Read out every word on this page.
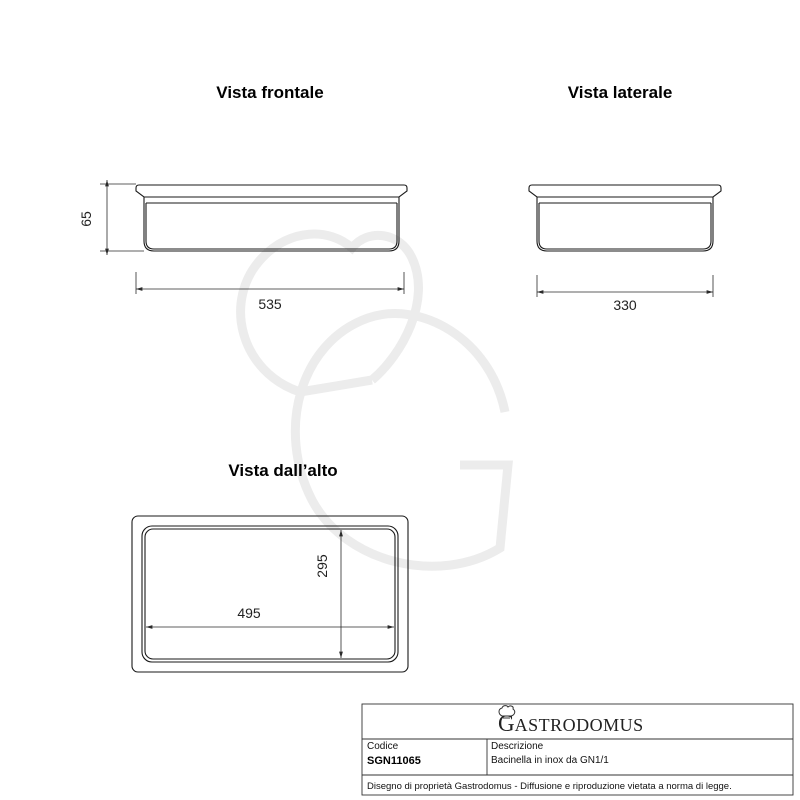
Vista frontale
65
535
Vista laterale
330
Vista dall’alto
495
295
GASTRODOMUS
Codice
SGN11065
Descrizione
Bacinella in inox da GN1/1
Disegno di proprietà Gastrodomus - Diffusione e riproduzione vietata a norma di legge.
